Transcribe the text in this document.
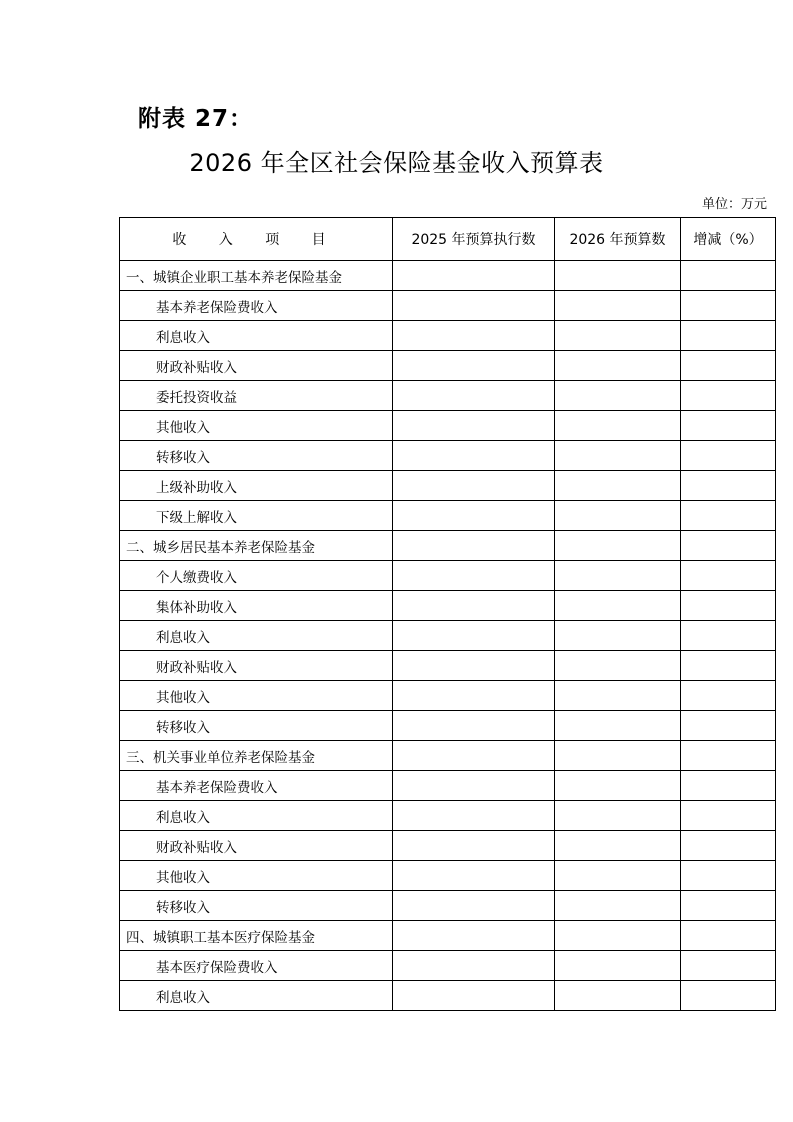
附表 27：
2026 年全区社会保险基金收入预算表
单位：万元
收 入 项 目	2025 年预算执行数	2026 年预算数	增减（%）
一、城镇企业职工基本养老保险基金			
基本养老保险费收入			
利息收入			
财政补贴收入			
委托投资收益			
其他收入			
转移收入			
上级补助收入			
下级上解收入			
二、城乡居民基本养老保险基金			
个人缴费收入			
集体补助收入			
利息收入			
财政补贴收入			
其他收入			
转移收入			
三、机关事业单位养老保险基金			
基本养老保险费收入			
利息收入			
财政补贴收入			
其他收入			
转移收入			
四、城镇职工基本医疗保险基金			
基本医疗保险费收入			
利息收入			
